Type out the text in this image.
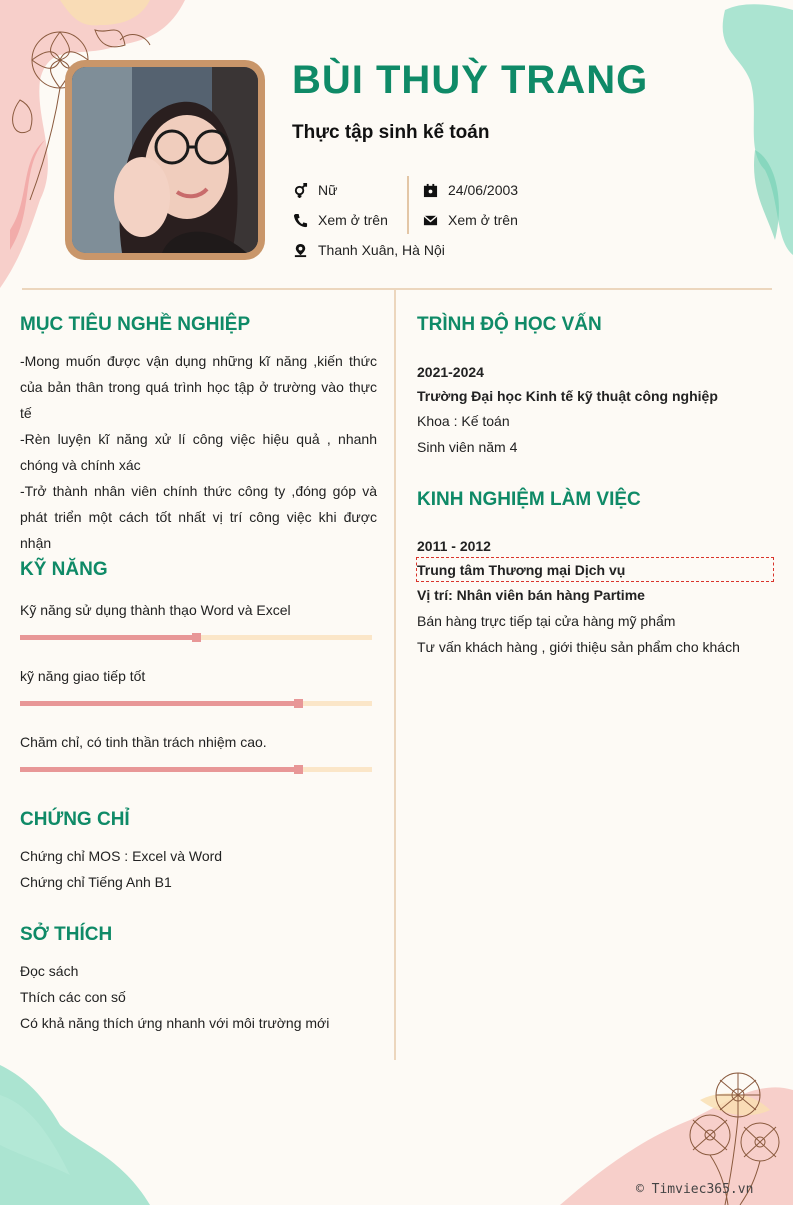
BÙI THUỲ TRANG
Thực tập sinh kế toán
Nữ	24/06/2003
Xem ở trên	Xem ở trên
Thanh Xuân, Hà Nội
MỤC TIÊU NGHỀ NGHIỆP
-Mong muốn được vận dụng những kĩ năng ,kiến thức của bản thân trong quá trình học tập ở trường vào thực tế
-Rèn luyện kĩ năng xử lí công việc hiệu quả , nhanh chóng và chính xác
-Trở thành nhân viên chính thức công ty ,đóng góp và phát triển một cách tốt nhất vị trí công việc khi được nhận
KỸ NĂNG
Kỹ năng sử dụng thành thạo Word và Excel
kỹ năng giao tiếp tốt
Chăm chỉ, có tinh thần trách nhiệm cao.
CHỨNG CHỈ
Chứng chỉ MOS : Excel và Word
Chứng chỉ Tiếng Anh B1
SỞ THÍCH
Đọc sách
Thích các con số
Có khả năng thích ứng nhanh với môi trường mới
TRÌNH ĐỘ HỌC VẤN
2021-2024
Trường Đại học Kinh tế kỹ thuật công nghiệp
Khoa : Kế toán
Sinh viên năm 4
KINH NGHIỆM LÀM VIỆC
2011 - 2012
Trung tâm Thương mại Dịch vụ
Vị trí: Nhân viên bán hàng Partime
Bán hàng trực tiếp tại cửa hàng mỹ phẩm
Tư vấn khách hàng , giới thiệu sản phẩm cho khách
© Timviec365.vn
